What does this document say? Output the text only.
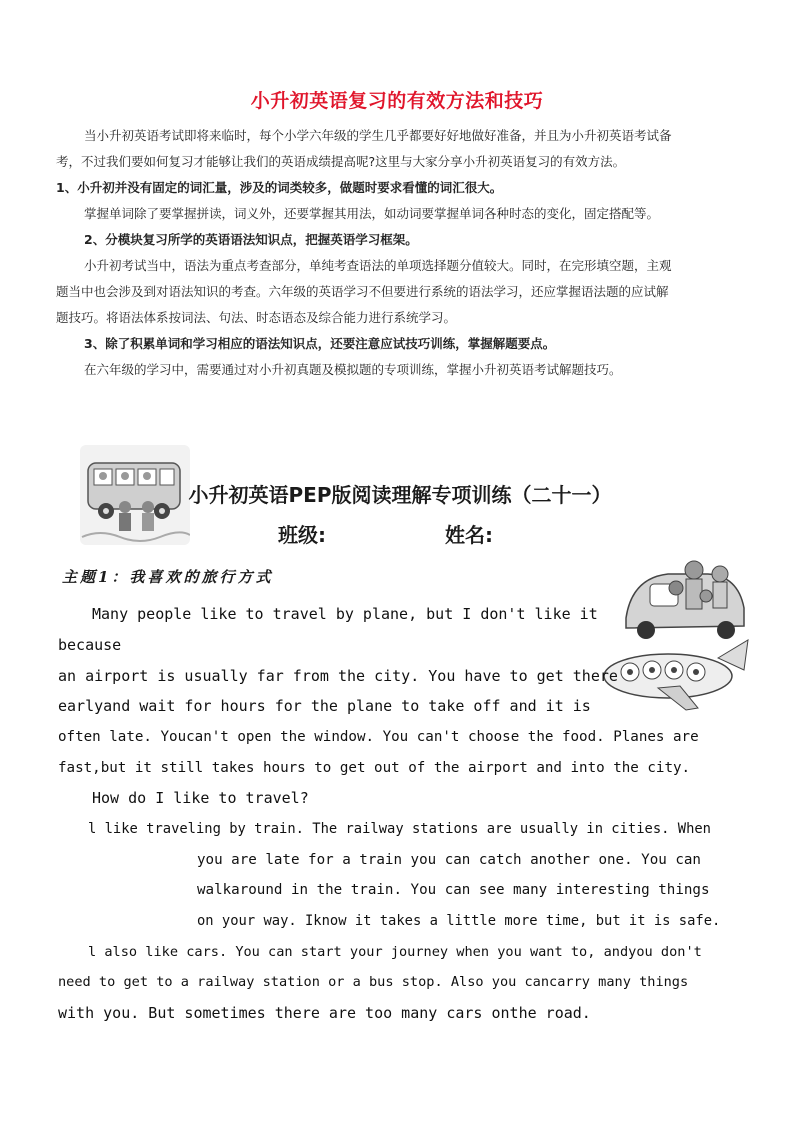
小升初英语复习的有效方法和技巧

当小升初英语考试即将来临时，每个小学六年级的学生几乎都要好好地做好准备，并且为小升初英语考试备

考，不过我们要如何复习才能够让我们的英语成绩提高呢?这里与大家分享小升初英语复习的有效方法。

1、小升初并没有固定的词汇量，涉及的词类较多，做题时要求看懂的词汇很大。

掌握单词除了要掌握拼读，词义外，还要掌握其用法，如动词要掌握单词各种时态的变化，固定搭配等。

2、分模块复习所学的英语语法知识点，把握英语学习框架。

小升初考试当中，语法为重点考查部分，单纯考查语法的单项选择题分值较大。同时，在完形填空题，主观

题当中也会涉及到对语法知识的考查。六年级的英语学习不但要进行系统的语法学习，还应掌握语法题的应试解

题技巧。将语法体系按词法、句法、时态语态及综合能力进行系统学习。

3、除了积累单词和学习相应的语法知识点，还要注意应试技巧训练，掌握解题要点。

在六年级的学习中，需要通过对小升初真题及模拟题的专项训练，掌握小升初英语考试解题技巧。

小升初英语PEP版阅读理解专项训练（二十一）
班级:	姓名:
主题1：我喜欢的旅行方式
Many people like to travel by plane, but I don't like it
because
an airport is usually far from the city. You have to get there
earlyand wait for hours for the plane to take off and it is
often late. Youcan't open the window. You can't choose the food. Planes are
fast,but it still takes hours to get out of the airport and into the city.
How do I like to travel?
l like traveling by train. The railway stations are usually in cities. When
you are late for a train you can catch another one. You can
walkaround in the train. You can see many interesting things
on your way. Iknow it takes a little more time, but it is safe.
l also like cars. You can start your journey when you want to, andyou don't
need to get to a railway station or a bus stop. Also you cancarry many things
with you. But sometimes there are too many cars onthe road.
